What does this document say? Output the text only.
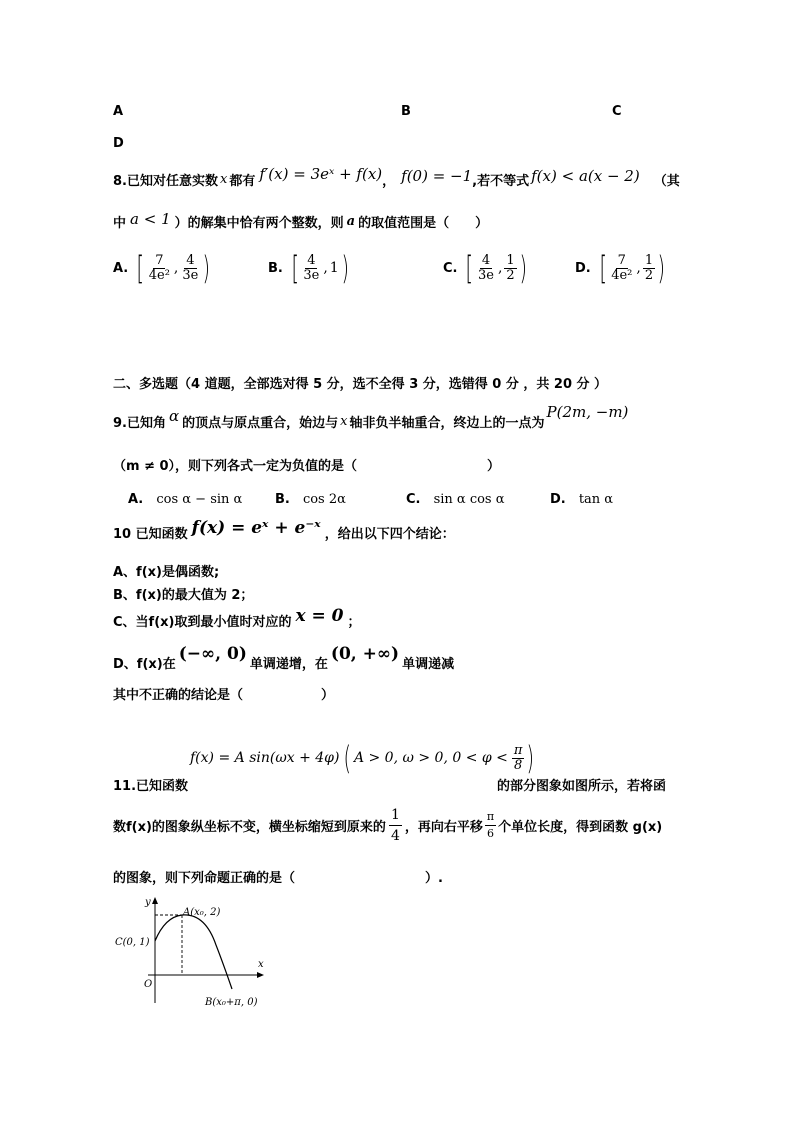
A	B	C
D
8.已知对任意实数 x 都有 f′(x) = 3eˣ + f(x) ， f(0) = −1 ,若不等式 f(x) < a(x − 2) （其
中 a < 1 ）的解集中恰有两个整数，则 a 的取值范围是（　　）
A. [ $\frac{7}{\text{4e²}}$ , $\frac{4}{3e}$ )	B. [ $\frac{4}{3e}$ , 1 )	C. [ $\frac{4}{3e}$ , $\frac{1}{2}$ )	D. [ $\frac{7}{\text{4e²}}$ , $\frac{1}{2}$ )
二、多选题（4 道题，全部选对得 5 分，选不全得 3 分，选错得 0 分 ，共 20 分 ）
9.已知角 α 的顶点与原点重合，始边与 x 轴非负半轴重合，终边上的一点为
P(2m, −m)
（m ≠ 0），则下列各式一定为负值的是（　　　　　　　　　　）
A. cos α − sin α	B. cos 2α	C. sin α cos α	D. tan α
10 已知函数 f(x) = eˣ + e⁻ˣ ，给出以下四个结论：
A、f(x)是偶函数;
B、f(x)的最大值为 2；
C、当f(x)取到最小值时对应的 x = 0 ；
D、f(x)在 (−∞, 0) 单调递增，在 (0, +∞) 单调递减
其中不正确的结论是（　　　　　　）
f(x) = A sin(ωx + 4φ) ( A > 0, ω > 0, $0 < \varphi < \frac{\pi}{8}$ )
11.已知函数	的部分图象如图所示，若将函
数f(x)的图象纵坐标不变，横坐标缩短到原来的 $\frac{1}{4}$ ，再向右平移 $\frac{\pi}{6}$ 个单位长度，得到函数 g(x)
的图象，则下列命题正确的是（　　　　　　　　　　）.
y
x
O
A(x₀, 2)
C(0, 1)
B(x₀+π, 0)
